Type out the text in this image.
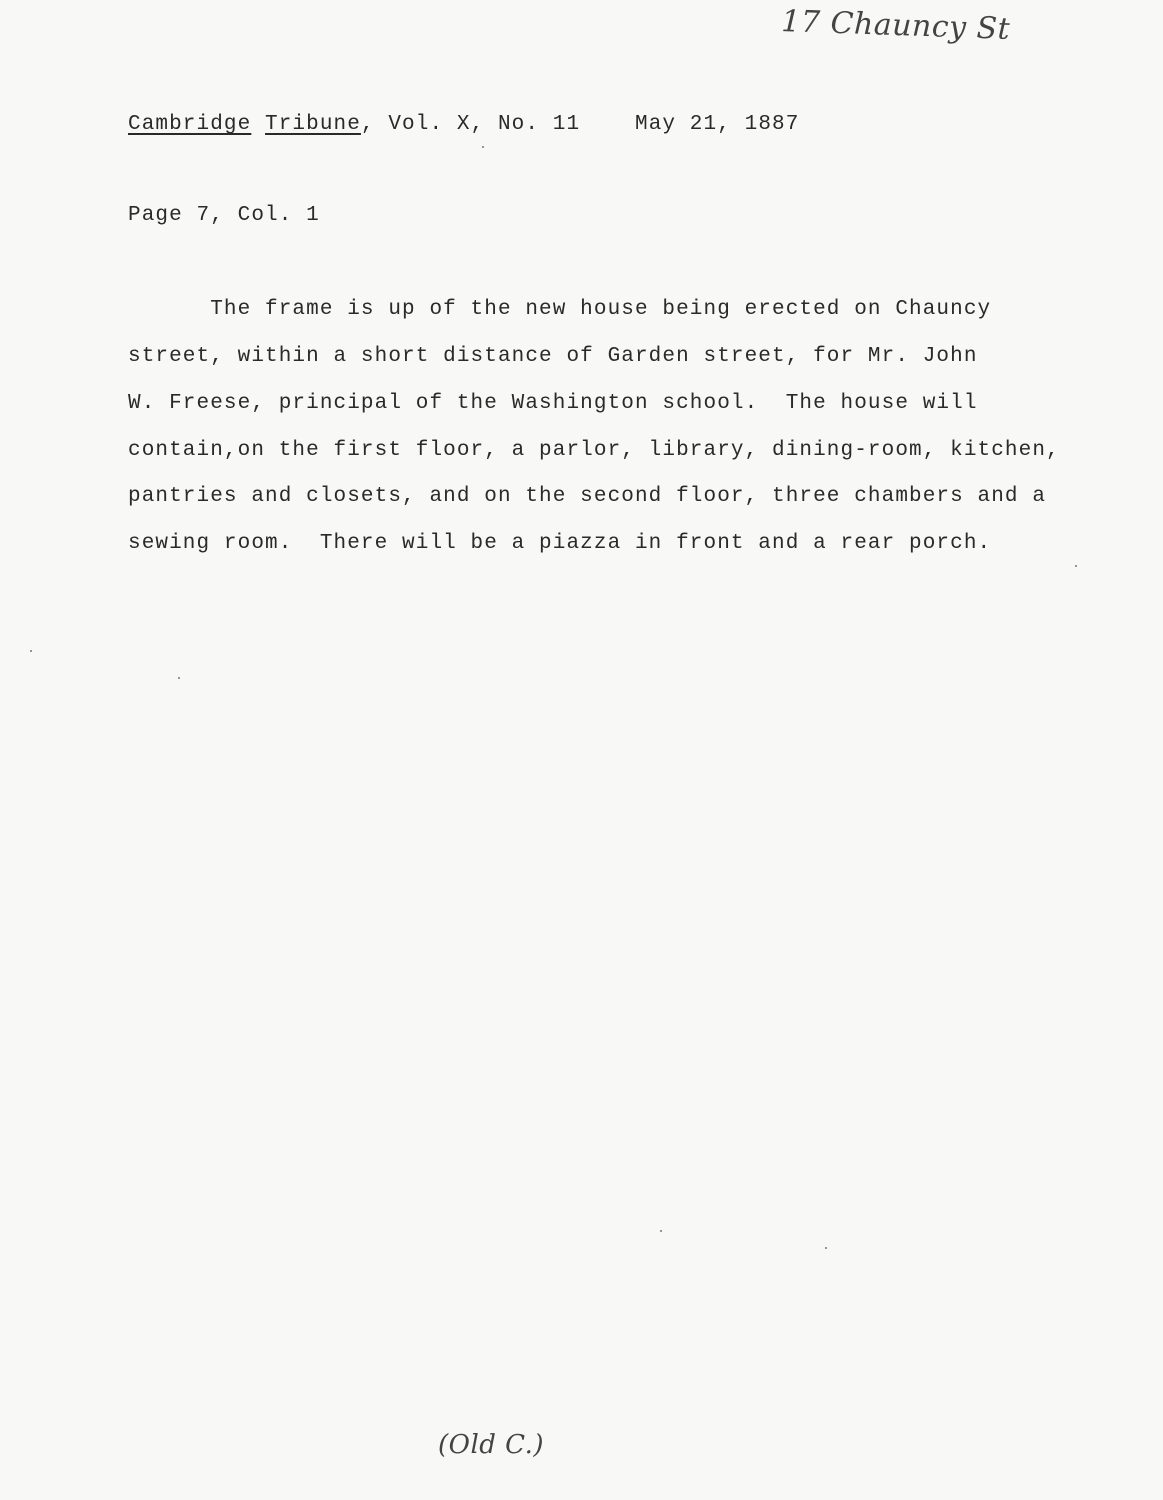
17 Chauncy St
Cambridge Tribune, Vol. X, No. 11	May 21, 1887
Page 7, Col. 1
The frame is up of the new house being erected on Chauncy
street, within a short distance of Garden street, for Mr. John
W. Freese, principal of the Washington school.  The house will
contain,on the first floor, a parlor, library, dining-room, kitchen,
pantries and closets, and on the second floor, three chambers and a
sewing room.  There will be a piazza in front and a rear porch.
(Old C.)
